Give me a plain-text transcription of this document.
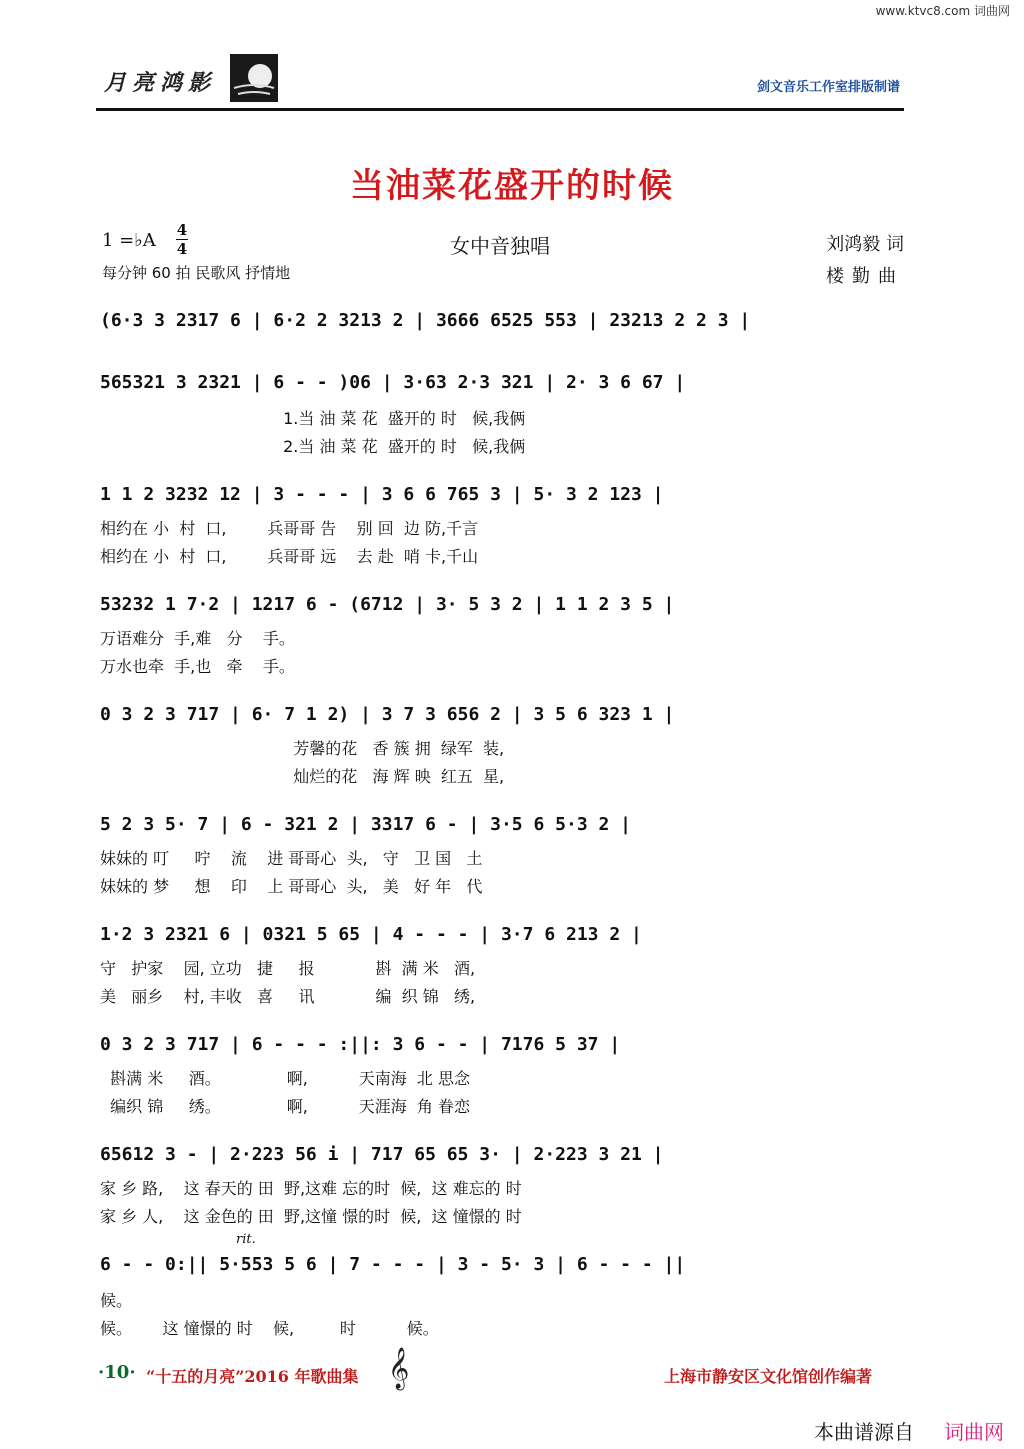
www.ktvc8.com 词曲网
月亮鸿影	剑文音乐工作室排版制谱
当油菜花盛开的时候
1 =♭A 4
4	女中音独唱	刘鸿毅 词
每分钟 60 拍 民歌风 抒情地	楼勤曲
(6·3 3 2317 6 | 6·2 2 3213 2 | 3666 6525 553 | 23213 2 2 3 |
565321 3 2321 | 6 - - )06 | 3·63 2·3 321 | 2· 3 6 67 |
1.当 油 菜 花  盛开的 时   候,我俩
2.当 油 菜 花  盛开的 时   候,我俩
1 1 2 3232 12 | 3 - - - | 3 6 6 765 3 | 5· 3 2 123 |
相约在 小  村  口,        兵哥哥 告    别 回  边 防,千言
相约在 小  村  口,        兵哥哥 远    去 赴  哨 卡,千山
53232 1 7·2 | 1217 6 - (6712 | 3· 5 3 2 | 1 1 2 3 5 |
万语难分  手,难   分    手。
万水也牵  手,也   牵    手。
0 3 2 3 717 | 6· 7 1 2) | 3 7 3 656 2 | 3 5 6 323 1 |
芳馨的花   香 簇 拥  绿军  装,
灿烂的花   海 辉 映  红五  星,
5 2 3 5· 7 | 6 - 321 2 | 3317 6 - | 3·5 6 5·3 2 |
妹妹的 叮     咛    流    进 哥哥心  头,   守   卫 国   土
妹妹的 梦     想    印    上 哥哥心  头,   美   好 年   代
1·2 3 2321 6 | 0321 5 65 | 4 - - - | 3·7 6 213 2 |
守   护家    园, 立功   捷     报            斟  满 米   酒,
美   丽乡    村, 丰收   喜     讯            编  织 锦   绣,
0 3 2 3 717 | 6 - - - :||: 3 6 - - | 7176 5 37 |
斟满 米     酒。             啊,          天南海  北 思念
编织 锦     绣。             啊,          天涯海  角 眷恋
65612 3 - | 2·223 56 i | 717 65 65 3· | 2·223 3 21 |
家 乡 路,    这 春天的 田  野,这难 忘的时  候,  这 难忘的 时
家 乡 人,    这 金色的 田  野,这憧 憬的时  候,  这 憧憬的 时
rit.
6 - - 0:|| 5·553 5 6 | 7 - - - | 3 - 5· 3 | 6 - - - ||
候。
候。      这 憧憬的 时    候,         时          候。
·10· “十五的月亮”2016 年歌曲集 𝄞	上海市静安区文化馆创作编著
本曲谱源自 词曲网
